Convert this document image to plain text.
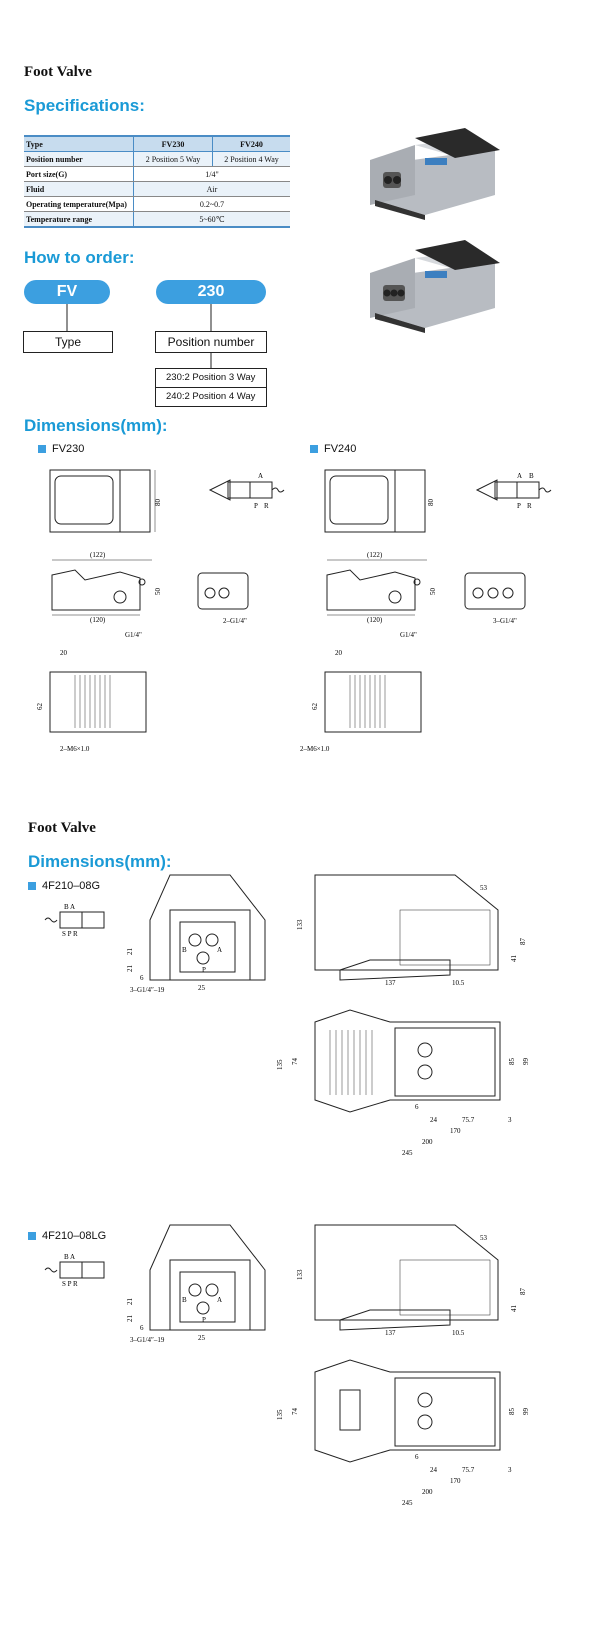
Foot Valve
Specifications:
Type	FV230	FV240
Position number	2 Position 5 Way	2 Position 4 Way
Port size(G)	1/4"	
Fluid	Air	
Operating temperature(Mpa)	0.2~0.7	
Temperature range	5~60℃	
How to order:
FV	230
Type	Position number
230:2 Position 3 Way
240:2 Position 4 Way
Dimensions(mm):
FV230	FV240
80
A
P R
(122)
(120)
50
G1/4"
2–G1/4"
20
62
2–M6×1.0
80
A B
P R
(122)
(120)
50
G1/4"
3–G1/4"
20
62
2–M6×1.0
Foot Valve
Dimensions(mm):
4F210–08G
B A
S P R
B	A
P
21
21
6
3–G1/4″–19	25
53
133
87
41
137	10.5
135 74	85 99
6
24	75.7	3
170
200
245
4F210–08LG
B A
S P R
B	A
P
21
21
6
3–G1/4″–19	25
53
133
87
41
137	10.5
135 74	85 99
6
24	75.7	3
170
200
245
